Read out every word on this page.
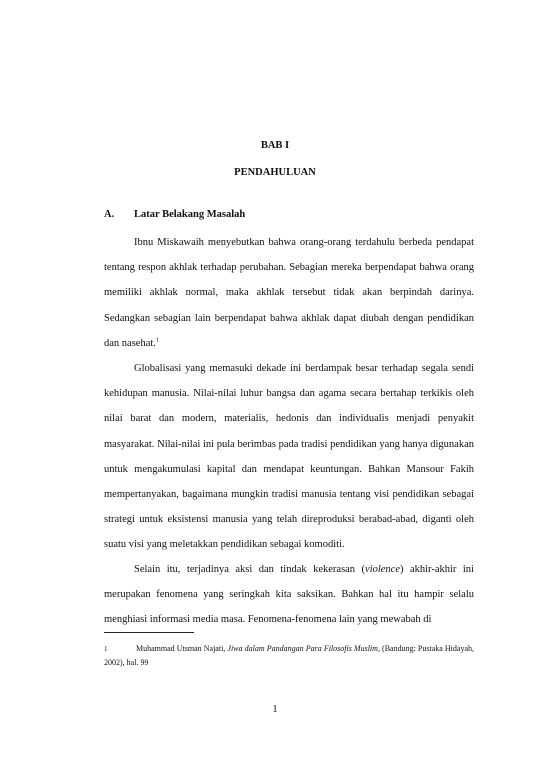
BAB I
PENDAHULUAN
A. Latar Belakang Masalah

Ibnu Miskawaih menyebutkan bahwa orang-orang terdahulu berbeda pendapat tentang respon akhlak terhadap perubahan. Sebagian mereka berpendapat bahwa orang memiliki akhlak normal, maka akhlak tersebut tidak akan berpindah darinya. Sedangkan sebagian lain berpendapat bahwa akhlak dapat diubah dengan pendidikan dan nasehat.$^1$

Globalisasi yang memasuki dekade ini berdampak besar terhadap segala sendi kehidupan manusia. Nilai-nilai luhur bangsa dan agama secara bertahap terkikis oleh nilai barat dan modern, materialis, hedonis dan individualis menjadi penyakit masyarakat. Nilai-nilai ini pula berimbas pada tradisi pendidikan yang hanya digunakan untuk mengakumulasi kapital dan mendapat keuntungan. Bahkan Mansour Fakih mempertanyakan, bagaimana mungkin tradisi manusia tentang visi pendidikan sebagai strategi untuk eksistensi manusia yang telah direproduksi berabad-abad, diganti oleh suatu visi yang meletakkan pendidikan sebagai komoditi.

Selain itu, terjadinya aksi dan tindak kekerasan (violence) akhir-akhir ini merupakan fenomena yang seringkah kita saksikan. Bahkan hal itu hampir selalu menghiasi informasi media masa. Fenomena-fenomena lain yang mewabah di

1	Muhammad Utsman Najati, Jiwa dalam Pandangan Para Filosofis Muslim, (Bandung: Pustaka Hidayah, 2002), hal. 99

1
